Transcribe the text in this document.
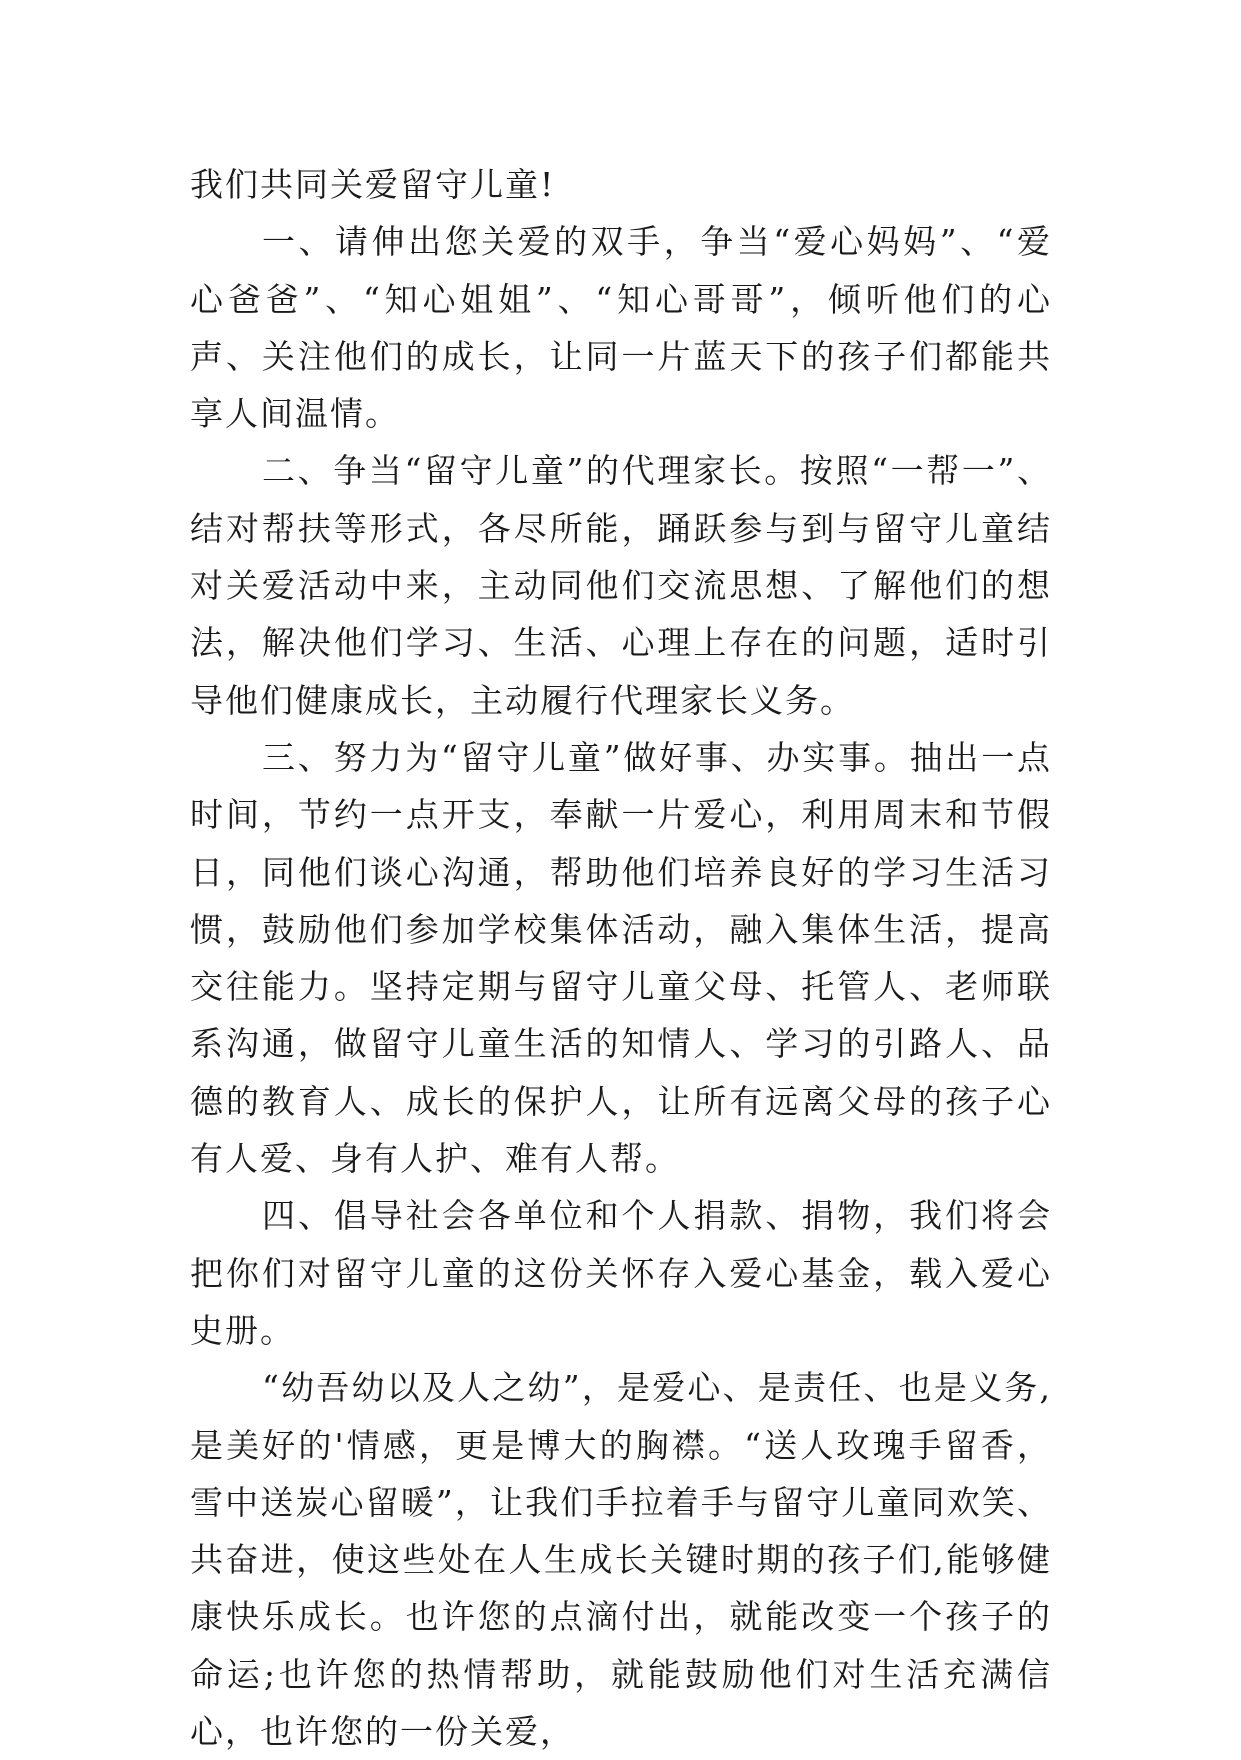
我们共同关爱留守儿童!

一、请伸出您关爱的双手，争当“爱心妈妈”、“爱心爸爸”、“知心姐姐”、“知心哥哥”，倾听他们的心声、关注他们的成长，让同一片蓝天下的孩子们都能共享人间温情。

二、争当“留守儿童”的代理家长。按照“一帮一”、结对帮扶等形式，各尽所能，踊跃参与到与留守儿童结对关爱活动中来，主动同他们交流思想、了解他们的想法，解决他们学习、生活、心理上存在的问题，适时引导他们健康成长，主动履行代理家长义务。

三、努力为“留守儿童”做好事、办实事。抽出一点时间，节约一点开支，奉献一片爱心，利用周末和节假日，同他们谈心沟通，帮助他们培养良好的学习生活习惯，鼓励他们参加学校集体活动，融入集体生活，提高交往能力。坚持定期与留守儿童父母、托管人、老师联系沟通，做留守儿童生活的知情人、学习的引路人、品德的教育人、成长的保护人，让所有远离父母的孩子心有人爱、身有人护、难有人帮。

四、倡导社会各单位和个人捐款、捐物，我们将会把你们对留守儿童的这份关怀存入爱心基金，载入爱心史册。

“幼吾幼以及人之幼”，是爱心、是责任、也是义务,是美好的'情感，更是博大的胸襟。“送人玫瑰手留香，雪中送炭心留暖”，让我们手拉着手与留守儿童同欢笑、共奋进，使这些处在人生成长关键时期的孩子们,能够健康快乐成长。也许您的点滴付出，就能改变一个孩子的命运;也许您的热情帮助，就能鼓励他们对生活充满信心，也许您的一份关爱，
